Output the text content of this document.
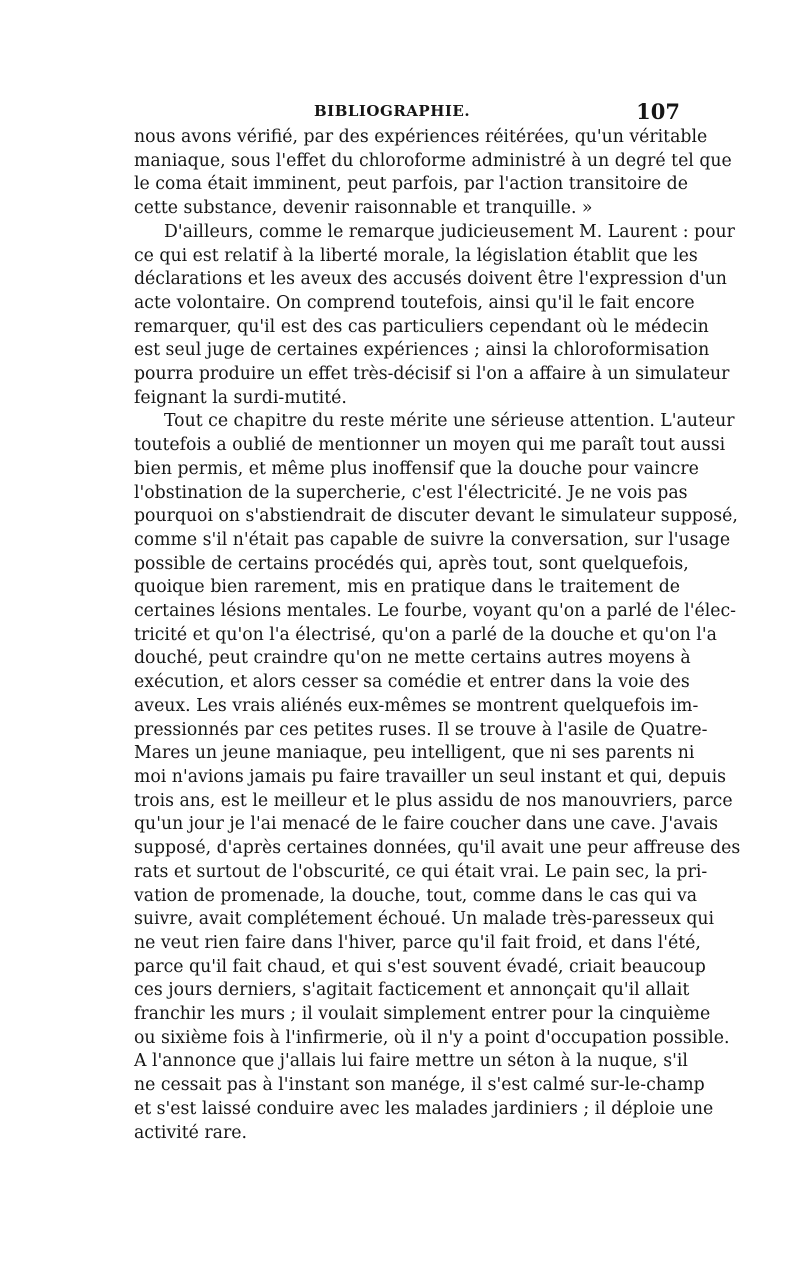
BIBLIOGRAPHIE.	107
nous avons vérifié, par des expériences réitérées, qu'un véritable
maniaque, sous l'effet du chloroforme administré à un degré tel que
le coma était imminent, peut parfois, par l'action transitoire de
cette substance, devenir raisonnable et tranquille. »
D'ailleurs, comme le remarque judicieusement M. Laurent : pour
ce qui est relatif à la liberté morale, la législation établit que les
déclarations et les aveux des accusés doivent être l'expression d'un
acte volontaire. On comprend toutefois, ainsi qu'il le fait encore
remarquer, qu'il est des cas particuliers cependant où le médecin
est seul juge de certaines expériences ; ainsi la chloroformisation
pourra produire un effet très-décisif si l'on a affaire à un simulateur
feignant la surdi-mutité.
Tout ce chapitre du reste mérite une sérieuse attention. L'auteur
toutefois a oublié de mentionner un moyen qui me paraît tout aussi
bien permis, et même plus inoffensif que la douche pour vaincre
l'obstination de la supercherie, c'est l'électricité. Je ne vois pas
pourquoi on s'abstiendrait de discuter devant le simulateur supposé,
comme s'il n'était pas capable de suivre la conversation, sur l'usage
possible de certains procédés qui, après tout, sont quelquefois,
quoique bien rarement, mis en pratique dans le traitement de
certaines lésions mentales. Le fourbe, voyant qu'on a parlé de l'élec-
tricité et qu'on l'a électrisé, qu'on a parlé de la douche et qu'on l'a
douché, peut craindre qu'on ne mette certains autres moyens à
exécution, et alors cesser sa comédie et entrer dans la voie des
aveux. Les vrais aliénés eux-mêmes se montrent quelquefois im-
pressionnés par ces petites ruses. Il se trouve à l'asile de Quatre-
Mares un jeune maniaque, peu intelligent, que ni ses parents ni
moi n'avions jamais pu faire travailler un seul instant et qui, depuis
trois ans, est le meilleur et le plus assidu de nos manouvriers, parce
qu'un jour je l'ai menacé de le faire coucher dans une cave. J'avais
supposé, d'après certaines données, qu'il avait une peur affreuse des
rats et surtout de l'obscurité, ce qui était vrai. Le pain sec, la pri-
vation de promenade, la douche, tout, comme dans le cas qui va
suivre, avait complétement échoué. Un malade très-paresseux qui
ne veut rien faire dans l'hiver, parce qu'il fait froid, et dans l'été,
parce qu'il fait chaud, et qui s'est souvent évadé, criait beaucoup
ces jours derniers, s'agitait facticement et annonçait qu'il allait
franchir les murs ; il voulait simplement entrer pour la cinquième
ou sixième fois à l'infirmerie, où il n'y a point d'occupation possible.
A l'annonce que j'allais lui faire mettre un séton à la nuque, s'il
ne cessait pas à l'instant son manége, il s'est calmé sur-le-champ
et s'est laissé conduire avec les malades jardiniers ; il déploie une
activité rare.
